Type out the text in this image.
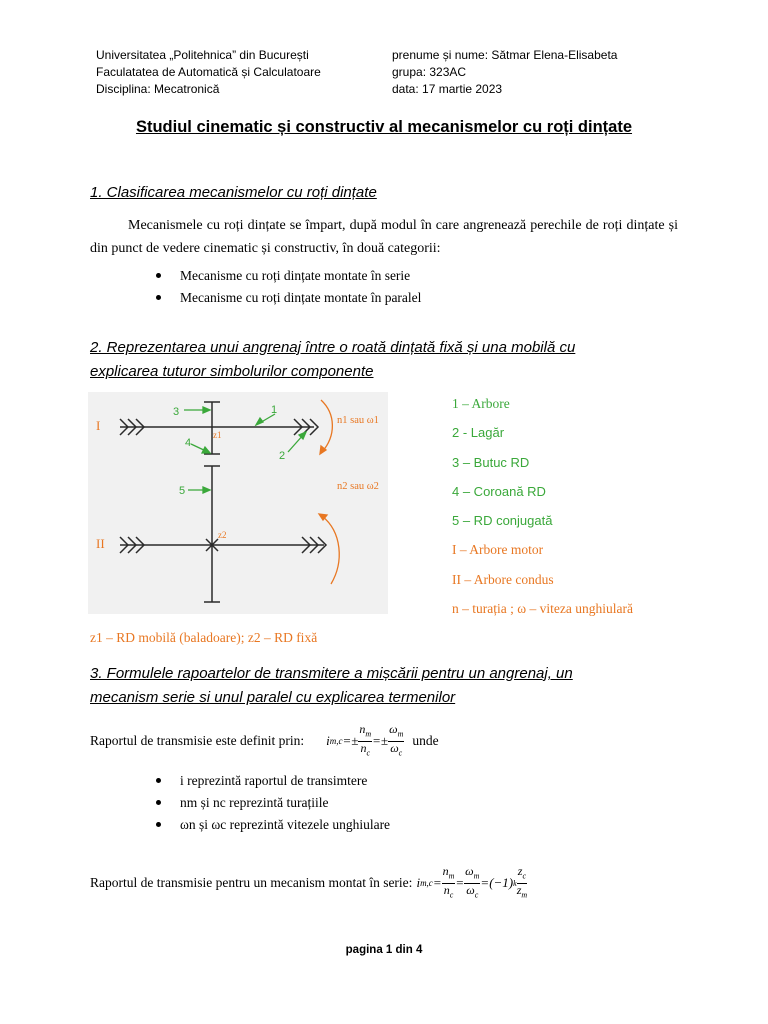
Universitatea „Politehnica” din București
Faculatatea de Automatică și Calculatoare
Disciplina: Mecatronică
prenume și nume: Sătmar Elena-Elisabeta
grupa: 323AC
data: 17 martie 2023
Studiul cinematic și constructiv al mecanismelor cu roți dințate
1. Clasificarea mecanismelor cu roți dințate
Mecanismele cu roți dințate se împart, după modul în care angrenează perechile de roți dințate și din punct de vedere cinematic și constructiv, în două categorii:
Mecanisme cu roți dințate montate în serie
Mecanisme cu roți dințate montate în paralel
2. Reprezentarea unui angrenaj între o roată dințată fixă și una mobilă cu
explicarea tuturor simbolurilor componente
3
4
1
2
5
I
II
n1 sau ω1
n2 sau ω2
z1
z2
1 – Arbore
2 - Lagăr
3 – Butuc RD
4 – Coroană RD
5 – RD conjugată
I – Arbore motor
II – Arbore condus
n – turația ; ω – viteza unghiulară
z1 – RD mobilă (baladoare); z2 – RD fixă
3. Formulele rapoartelor de transmitere a mișcării pentru un angrenaj, un
mecanism serie si unul paralel cu explicarea termenilor
Raportul de transmisie este definit prin: i $m,c =\pm \frac{n_m}{n_c} =\pm \frac{\omega_m}{\omega_c}$ unde
i reprezintă raportul de transimtere
nm și nc reprezintă turațiile
ωn și ωc reprezintă vitezele unghiulare
Raportul de transmisie pentru un mecanism montat în serie: i $m,c = \frac{n_m}{n_c} = \frac{\omega_m}{\omega_c} =(-1)$ k $\frac{z_c}{z_m}$
pagina 1 din 4
